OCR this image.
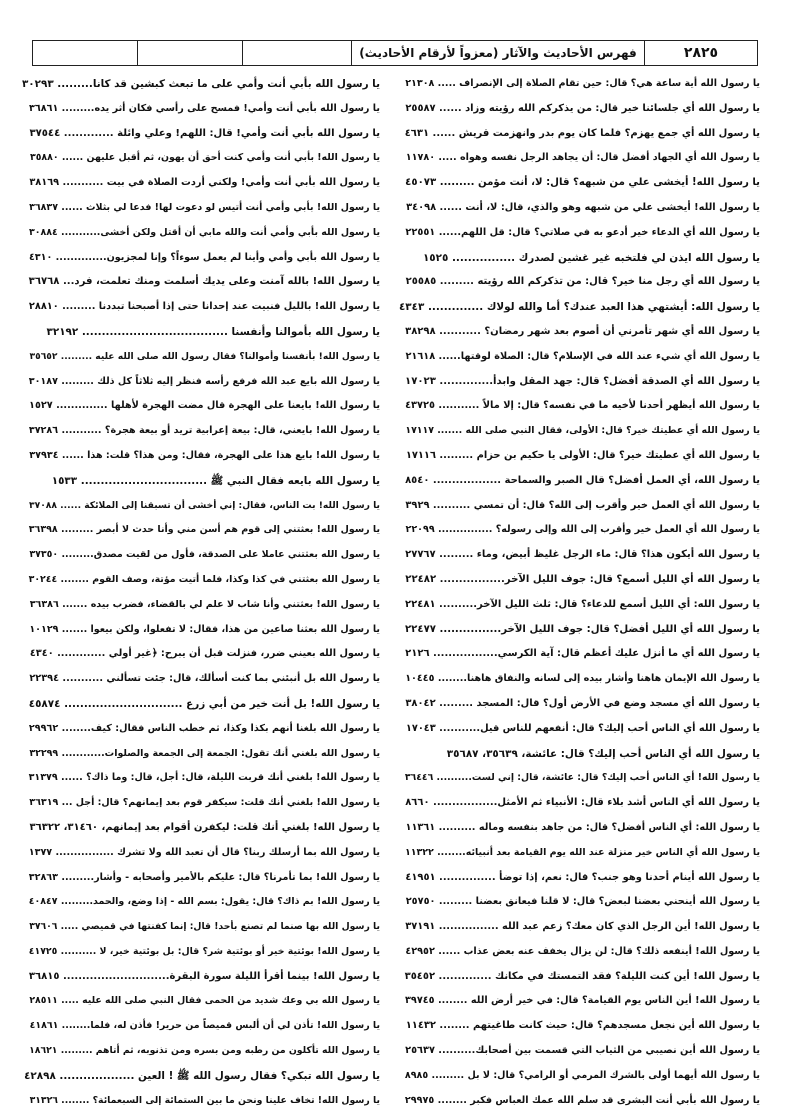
٢٨٢٥
فهرس الأحاديث والآثار (معزواً لأرقام الأحاديث)
يا رسول الله أية ساعة هي؟ قال: حين تقام الصلاة إلى الإنصراف ..... ٢١٣٠٨
يا رسول الله أي جلسائنا خير قال: من يذكركم الله رؤيته وزاد ...... ٢٥٥٨٧
يا رسول الله أي جمع يهزم؟ فلما كان يوم بدر وانهزمت قريش ...... ٤٦٣١
يا رسول الله أي الجهاد أفضل قال: أن يجاهد الرجل نفسه وهواه ..... ١١٧٨٠
يا رسول الله! أيخشى علي من شبهه؟ قال: لا، أنت مؤمن ......... ٤٥٠٧٣
يا رسول الله! أيخشى علي من شبهه وهو والذي، قال: لا، أنت ...... ٣٤٠٩٨
يا رسول الله أي الدعاء خير أدعو به في صلاتي؟ قال: قل اللهم...... ٢٢٥٥١
يا رسول الله ايذن لي فلتخبه غير غشين لصدرك ................ ١٥٢٥
يا رسول الله أي رجل منا خير؟ قال: من تذكركم الله رؤيته ......... ٢٥٥٨٥
يا رسول الله: أيشتهي هذا العبد عندك؟ أما والله لولاك .............. ٤٣٤٣
يا رسول الله أي شهر تأمرني أن أصوم بعد شهر رمضان؟ ........... ٣٨٢٩٨
يا رسول الله أي شيء عند الله في الإسلام؟ قال: الصلاة لوقتها...... ٢١٦١٨
يا رسول الله أي الصدقة أفضل؟ قال: جهد المقل وابدأ.............. ١٧٠٢٣
يا رسول الله أيظهر أحدنا لأخيه ما في نفسه؟ قال: إلا مالاً ........... ٤٣٧٢٥
يا رسول الله أي عطيتك خير؟ قال: الأولى، فقال النبي صلى الله ....... ١٧١١٧
يا رسول الله أي عطيتك خير؟ قال: الأولى يا حكيم بن حزام ......... ١٧١١٦
يا رسول الله، أي العمل أفضل؟ قال الصبر والسماحة .................. ٨٥٤٠
يا رسول الله أي العمل خير وأقرب إلى الله؟ قال: أن تمسي .......... ٣٩٢٩
يا رسول الله أي العمل خير وأقرب إلى الله وإلى رسوله؟ ............... ٢٢٠٩٩
يا رسول الله أيكون هذا؟ قال: ماء الرجل غليظ أبيض، وماء ......... ٢٧٧٦٧
يا رسول الله أي الليل أسمع؟ قال: جوف الليل الآخر................. ٢٢٤٨٢
يا رسول الله: أي الليل أسمع للدعاء؟ قال: ثلث الليل الآخر.......... ٢٢٤٨١
يا رسول الله أي الليل أفضل؟ قال: جوف الليل الآخر................ ٢٢٤٧٧
يا رسول الله أي ما أنزل عليك أعظم قال: آية الكرسي................. ٢١٢٦
يا رسول الله الإيمان هاهنا وأشار بيده إلى لسانه والنفاق هاهنا........ ١٠٤٤٥
يا رسول الله أي مسجد وضع في الأرض أول؟ قال: المسجد ......... ٣٨٠٤٢
يا رسول الله أي الناس أحب إليك؟ قال: أنفعهم للناس قيل........... ١٧٠٤٣
يا رسول الله أي الناس أحب إليك؟ قال: عائشة، ٣٥٦٣٩، ٣٥٦٨٧
يا رسول الله! أي الناس أحب إليك؟ قال: عائشة، قال: إني لست.......... ٣٦٤٤٦
يا رسول الله أي الناس أشد بلاء قال: الأنبياء ثم الأمثل................. ٨٦٦٠
يا رسول الله: أي الناس أفضل؟ قال: من جاهد بنفسه وماله .......... ١١٣٦١
يا رسول الله أي الناس خير منزلة عند الله يوم القيامة بعد أنبيائه........ ١١٣٢٢
يا رسول الله أينام أحدنا وهو جنب؟ قال: نعم، إذا توضأ ............... ٤١٩٥١
يا رسول الله أينحني بعضنا لبعض؟ قال: لا قلنا فيعانق بعضنا ......... ٢٥٧٥٠
يا رسول الله! أين الرجل الذي كان معك؟ زعم عبد الله ................ ٣٧١٩١
يا رسول الله! أينفعه ذلك؟ قال: لن يزال يخفف عنه بعض عذاب ...... ٤٢٩٥٢
يا رسول الله! أين كنت الليلة؟ فقد التمستك في مكانك .............. ٣٥٤٥٢
يا رسول الله! أين الناس يوم القيامة؟ قال: في خير أرض الله ........ ٣٩٧٤٥
يا رسول الله أين نجعل مسجدهم؟ قال: حيث كانت طاغيتهم ........ ١١٤٣٢
يا رسول الله أين نصيبي من الثياب التي قسمت بين أصحابك.......... ٢٥٦٣٧
يا رسول الله أيهما أولى بالشرك المرمي أو الرامي؟ قال: لا بل ......... ٨٩٨٥
يا رسول الله بأبي أنت البشرى قد سلم الله عمك العباس فكبر ........ ٢٩٩٧٥
يا رسول الله بأبي أنت وأمي على ما تبعث كبشين قد كانا......... ٣٠٢٩٣
يا رسول الله بأبي أنت وأمي! فمسح على رأسي فكان أثر يده......... ٣٦٨٦١
يا رسول الله بأبي أنت وأمي! قال: اللهم! وعلي وائلة ............. ٣٧٥٤٤
يا رسول الله! بأبي أنت وأمي كنت أحق أن يهون، ثم أقبل عليهن ...... ٣٥٨٨٠
يا رسول الله بأبي أنت وأمي! ولكني أردت الصلاة في بيت ........... ٣٨١٦٩
يا رسول الله! بأبي وأمي أنت أتيس لو دعوت لها! فدعا لي بثلاث ...... ٣٦٨٣٧
يا رسول الله بأبي وأمي أنت والله مابي أن أقتل ولكن أخشى........... ٣٠٨٨٤
يا رسول الله بأبي وأمي وأينا لم يعمل سوءاً؟ وإنا لمجزيون.............. ٤٣١٠
يا رسول الله! بالله آمنت وعلى يديك أسلمت ومنك تعلمت، فرد... ٣٦٧٦٨
يا رسول الله! بالليل فنبيت عند إحدانا حتى إذا أصبحنا تبددنا ......... ٢٨٨١٠
يا رسول الله بأموالنا وأنفسنا ..................................... ٣٢١٩٢
يا رسول الله! بأنفسنا وأموالنا؟ فقال رسول الله صلى الله عليه ......... ٣٥٦٥٢
يا رسول الله بايع عبد الله فرفع رأسه فنظر إليه ثلاثاً كل ذلك ......... ٣٠١٨٧
يا رسول الله! بايعنا على الهجرة قال مضت الهجرة لأهلها .............. ١٥٢٧
يا رسول الله! بايعني، قال: بيعة إعرابية تريد أو بيعة هجرة؟ ........... ٣٧٢٨٦
يا رسول الله! بايع هذا على الهجرة، فقال: ومن هذا؟ قلت: هذا ...... ٣٧٩٣٤
يا رسول الله بايعه فقال النبي ﷺ ................................ ١٥٣٣
يا رسول الله! بت الناس، فقال: إني أخشى أن تسبقنا إلى الملائكة ...... ٣٧٠٨٨
يا رسول الله! بعثتني إلى قوم هم أسن مني وأنا حدث لا أبصر ......... ٣٦٣٩٨
يا رسول الله بعثتني عاملا على الصدقة، فأول من لقيت مصدق......... ٣٧٣٥٠
يا رسول الله بعثتني في كذا وكذا، فلما أتيت مؤتة، وصف القوم ........ ٣٠٢٤٤
يا رسول الله! بعثتني وأنا شاب لا علم لي بالقضاء، فضرب بيده ....... ٣٦٣٨٦
يا رسول الله بعثنا صاعين من هذا، فقال: لا تفعلوا، ولكن بيعوا ....... ١٠١٢٩
يا رسول الله بعيني ضرر، فنزلت قبل أن يبرح: ﴿غير أولي ............. ٤٣٤٠
يا رسول الله بل أنبئني بما كنت أسألك، قال: جئت تسألني ........... ٢٢٣٩٤
يا رسول الله! بل أنت خير من أبي زرع .............................. ٤٥٨٧٤
يا رسول الله بلغنا أنهم بكذا وكذا، ثم خطب الناس فقال: كيف........ ٢٩٩٦٢
يا رسول الله بلغني أنك تقول: الجمعة إلى الجمعة والصلوات............ ٣٢٢٩٩
يا رسول الله! بلغني أنك قربت الليلة، قال: أجل، قال: وما ذاك؟ ...... ٣١٣٧٩
يا رسول الله! بلغني أنك قلت: سيكفر قوم بعد إيمانهم؟ قال: أجل ... ٣٦٣١٩
يا رسول الله! بلغني أنك قلت: ليكفرن أقوام بعد إيمانهم، ٣١٤٦٠، ٣٦٣٢٢
يا رسول الله بما أرسلك ربنا؟ قال أن تعبد الله ولا تشرك ................ ١٣٧٧
يا رسول الله! بما تأمرنا؟ قال: عليكم بالأمير وأصحابه - وأشار......... ٣٢٨٦٣
يا رسول الله! بم ذاك؟ قال: يقول: بسم الله - إذا وضع، والحمد......... ٤٠٨٤٧
يا رسول الله بها صنما لم تصنع بأحد! قال: إنما كفنتها في قميصي ..... ٣٧٦٠٦
يا رسول الله! بوئتية خير أو بوئتية شر؟ قال: بل بوئتية خير، لا .......... ٤١٧٢٥
يا رسول الله! بينما أقرأ الليلة سورة البقرة............................ ٣٦٨١٥
يا رسول الله بي وعك شديد من الحمى فقال النبي صلى الله عليه ..... ٢٨٥١١
يا رسول الله! تأذن لي أن ألبس قميصاً من حرير! فأذن له، فلما........ ٤١٨٦١
يا رسول الله تأكلون من رطبه ومن بسره ومن تذنوبه، ثم أتاهم ......... ١٨٦٢١
يا رسول الله تبكي؟ فقال رسول الله ﷺ ! العين ................... ٤٢٨٩٨
يا رسول الله! تخاف علينا ونحن ما بين الستمائة إلى السبعمائة؟ ........ ٣١٣٢٦
